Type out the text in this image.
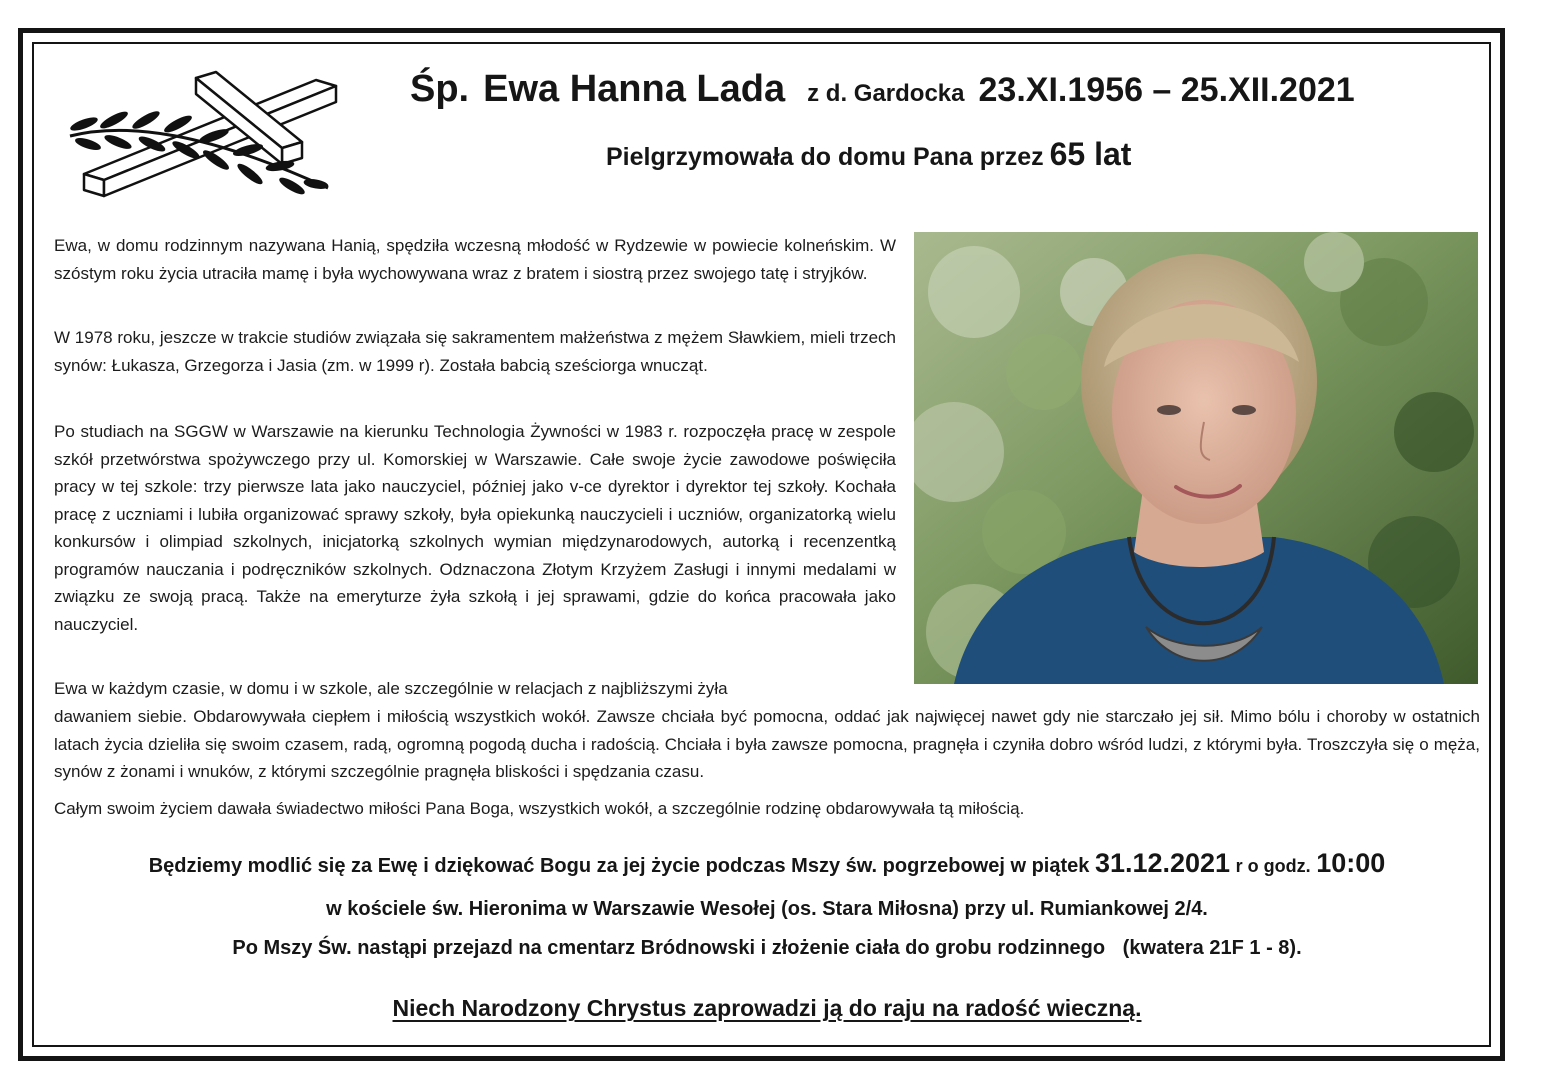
Śp. Ewa Hanna Lada z d. Gardocka 23.XI.1956 – 25.XII.2021
Pielgrzymowała do domu Pana przez 65 lat

Ewa, w domu rodzinnym nazywana Hanią, spędziła wczesną młodość w Rydzewie w powiecie kolneńskim. W szóstym roku życia utraciła mamę i była wychowywana wraz z bratem i siostrą przez swojego tatę i stryjków.

W 1978 roku, jeszcze w trakcie studiów związała się sakramentem małżeństwa z mężem Sławkiem, mieli trzech synów: Łukasza, Grzegorza i Jasia (zm. w 1999 r). Została babcią sześciorga wnucząt.

Po studiach na SGGW w Warszawie na kierunku Technologia Żywności w 1983 r. rozpoczęła pracę w zespole szkół przetwórstwa spożywczego przy ul. Komorskiej w Warszawie. Całe swoje życie zawodowe poświęciła pracy w tej szkole: trzy pierwsze lata jako nauczyciel, później jako v-ce dyrektor i dyrektor tej szkoły. Kochała pracę z uczniami i lubiła organizować sprawy szkoły, była opiekunką nauczycieli i uczniów, organizatorką wielu konkursów i olimpiad szkolnych, inicjatorką szkolnych wymian międzynarodowych, autorką i recenzentką programów nauczania i podręczników szkolnych. Odznaczona Złotym Krzyżem Zasługi i innymi medalami w związku ze swoją pracą. Także na emeryturze żyła szkołą i jej sprawami, gdzie do końca pracowała jako nauczyciel.

Ewa w każdym czasie, w domu i w szkole, ale szczególnie w relacjach z najbliższymi żyła

dawaniem siebie. Obdarowywała ciepłem i miłością wszystkich wokół. Zawsze chciała być pomocna, oddać jak najwięcej nawet gdy nie starczało jej sił. Mimo bólu i choroby w ostatnich latach życia dzieliła się swoim czasem, radą, ogromną pogodą ducha i radością. Chciała i była zawsze pomocna, pragnęła i czyniła dobro wśród ludzi, z którymi była. Troszczyła się o męża, synów z żonami i wnuków, z którymi szczególnie pragnęła bliskości i spędzania czasu.

Całym swoim życiem dawała świadectwo miłości Pana Boga, wszystkich wokół, a szczególnie rodzinę obdarowywała tą miłością.

Będziemy modlić się za Ewę i dziękować Bogu za jej życie podczas Mszy św. pogrzebowej w piątek 31.12.2021 r o godz. 10:00
w kościele św. Hieronima w Warszawie Wesołej (os. Stara Miłosna) przy ul. Rumiankowej 2/4.
Po Mszy Św. nastąpi przejazd na cmentarz Bródnowski i złożenie ciała do grobu rodzinnego (kwatera 21F 1 - 8).
Niech Narodzony Chrystus zaprowadzi ją do raju na radość wieczną.
